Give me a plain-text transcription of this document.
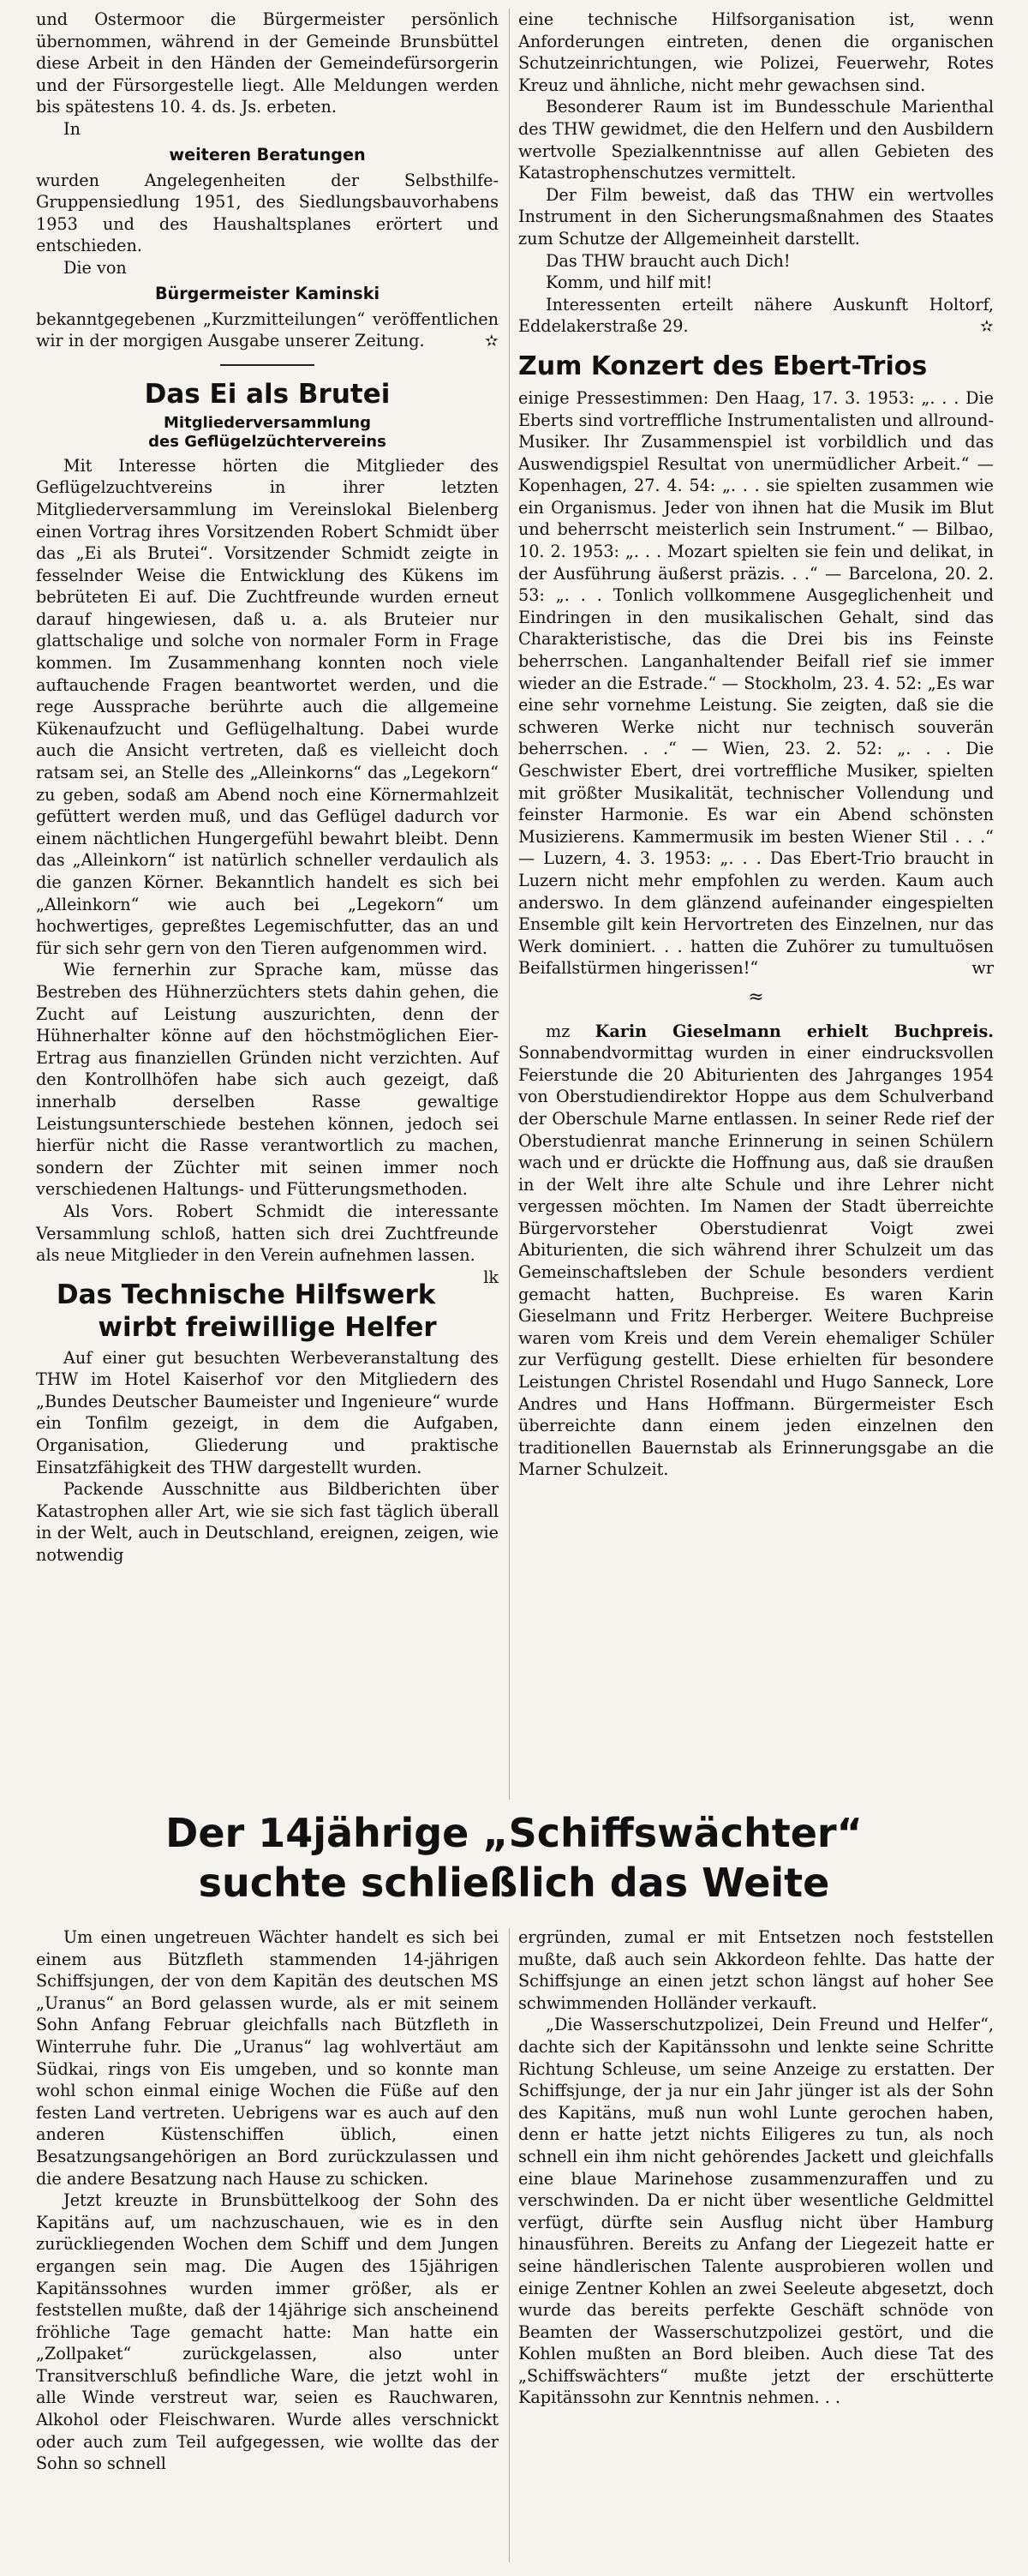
und Ostermoor die Bürgermeister persönlich übernommen, während in der Gemeinde Brunsbüttel diese Arbeit in den Händen der Gemeindefürsorgerin und der Fürsorgestelle liegt. Alle Meldungen werden bis spätestens 10. 4. ds. Js. erbeten.

In

weiteren Beratungen

wurden Angelegenheiten der Selbsthilfe-Gruppensiedlung 1951, des Siedlungsbauvorhabens 1953 und des Haushaltsplanes erörtert und entschieden.

Die von

Bürgermeister Kaminski

bekanntgegebenen „Kurzmitteilungen“ veröffentlichen wir in der morgigen Ausgabe unserer Zeitung.	✫

Das Ei als Brutei
Mitgliederversammlung
des Geflügelzüchtervereins

Mit Interesse hörten die Mitglieder des Geflügelzuchtvereins in ihrer letzten Mitgliederversammlung im Vereinslokal Bielenberg einen Vortrag ihres Vorsitzenden Robert Schmidt über das „Ei als Brutei“. Vorsitzender Schmidt zeigte in fesselnder Weise die Entwicklung des Kükens im bebrüteten Ei auf. Die Zuchtfreunde wurden erneut darauf hingewiesen, daß u. a. als Bruteier nur glattschalige und solche von normaler Form in Frage kommen. Im Zusammenhang konnten noch viele auftauchende Fragen beantwortet werden, und die rege Aussprache berührte auch die allgemeine Kükenaufzucht und Geflügelhaltung. Dabei wurde auch die Ansicht vertreten, daß es vielleicht doch ratsam sei, an Stelle des „Alleinkorns“ das „Legekorn“ zu geben, sodaß am Abend noch eine Körnermahlzeit gefüttert werden muß, und das Geflügel dadurch vor einem nächtlichen Hungergefühl bewahrt bleibt. Denn das „Alleinkorn“ ist natürlich schneller verdaulich als die ganzen Körner. Bekanntlich handelt es sich bei „Alleinkorn“ wie auch bei „Legekorn“ um hochwertiges, gepreßtes Legemischfutter, das an und für sich sehr gern von den Tieren aufgenommen wird.

Wie fernerhin zur Sprache kam, müsse das Bestreben des Hühnerzüchters stets dahin gehen, die Zucht auf Leistung auszurichten, denn der Hühnerhalter könne auf den höchstmöglichen Eier-Ertrag aus finanziellen Gründen nicht verzichten. Auf den Kontrollhöfen habe sich auch gezeigt, daß innerhalb derselben Rasse gewaltige Leistungsunterschiede bestehen können, jedoch sei hierfür nicht die Rasse verantwortlich zu machen, sondern der Züchter mit seinen immer noch verschiedenen Haltungs- und Fütterungsmethoden.

Als Vors. Robert Schmidt die interessante Versammlung schloß, hatten sich drei Zuchtfreunde als neue Mitglieder in den Verein aufnehmen lassen.
lk

Das Technische Hilfswerk wirbt freiwillige Helfer

Auf einer gut besuchten Werbeveranstaltung des THW im Hotel Kaiserhof vor den Mitgliedern des „Bundes Deutscher Baumeister und Ingenieure“ wurde ein Tonfilm gezeigt, in dem die Aufgaben, Organisation, Gliederung und praktische Einsatzfähigkeit des THW dargestellt wurden.

Packende Ausschnitte aus Bildberichten über Katastrophen aller Art, wie sie sich fast täglich überall in der Welt, auch in Deutschland, ereignen, zeigen, wie notwendig

eine technische Hilfsorganisation ist, wenn Anforderungen eintreten, denen die organischen Schutzeinrichtungen, wie Polizei, Feuerwehr, Rotes Kreuz und ähnliche, nicht mehr gewachsen sind.

Besonderer Raum ist im Bundesschule Marienthal des THW gewidmet, die den Helfern und den Ausbildern wertvolle Spezialkenntnisse auf allen Gebieten des Katastrophenschutzes vermittelt.

Der Film beweist, daß das THW ein wertvolles Instrument in den Sicherungsmaßnahmen des Staates zum Schutze der Allgemeinheit darstellt.

Das THW braucht auch Dich!

Komm, und hilf mit!

Interessenten erteilt nähere Auskunft Holtorf, Eddelakerstraße 29.	✫

Zum Konzert des Ebert-Trios

einige Pressestimmen: Den Haag, 17. 3. 1953: „. . . Die Eberts sind vortreffliche Instrumentalisten und allround-Musiker. Ihr Zusammenspiel ist vorbildlich und das Auswendigspiel Resultat von unermüdlicher Arbeit.“ — Kopenhagen, 27. 4. 54: „. . . sie spielten zusammen wie ein Organismus. Jeder von ihnen hat die Musik im Blut und beherrscht meisterlich sein Instrument.“ — Bilbao, 10. 2. 1953: „. . . Mozart spielten sie fein und delikat, in der Ausführung äußerst präzis. . .“ — Barcelona, 20. 2. 53: „. . . Tonlich vollkommene Ausgeglichenheit und Eindringen in den musikalischen Gehalt, sind das Charakteristische, das die Drei bis ins Feinste beherrschen. Langanhaltender Beifall rief sie immer wieder an die Estrade.“ — Stockholm, 23. 4. 52: „Es war eine sehr vornehme Leistung. Sie zeigten, daß sie die schweren Werke nicht nur technisch souverän beherrschen. . .“ — Wien, 23. 2. 52: „. . . Die Geschwister Ebert, drei vortreffliche Musiker, spielten mit größter Musikalität, technischer Vollendung und feinster Harmonie. Es war ein Abend schönsten Musizierens. Kammermusik im besten Wiener Stil . . .“ — Luzern, 4. 3. 1953: „. . . Das Ebert-Trio braucht in Luzern nicht mehr empfohlen zu werden. Kaum auch anderswo. In dem glänzend aufeinander eingespielten Ensemble gilt kein Hervortreten des Einzelnen, nur das Werk dominiert. . . hatten die Zuhörer zu tumultuösen Beifallstürmen hingerissen!“	wr

≈

mz Karin Gieselmann erhielt Buchpreis. Sonnabendvormittag wurden in einer eindrucksvollen Feierstunde die 20 Abiturienten des Jahrganges 1954 von Oberstudiendirektor Hoppe aus dem Schulverband der Oberschule Marne entlassen. In seiner Rede rief der Oberstudienrat manche Erinnerung in seinen Schülern wach und er drückte die Hoffnung aus, daß sie draußen in der Welt ihre alte Schule und ihre Lehrer nicht vergessen möchten. Im Namen der Stadt überreichte Bürgervorsteher Oberstudienrat Voigt zwei Abiturienten, die sich während ihrer Schulzeit um das Gemeinschaftsleben der Schule besonders verdient gemacht hatten, Buchpreise. Es waren Karin Gieselmann und Fritz Herberger. Weitere Buchpreise waren vom Kreis und dem Verein ehemaliger Schüler zur Verfügung gestellt. Diese erhielten für besondere Leistungen Christel Rosendahl und Hugo Sanneck, Lore Andres und Hans Hoffmann. Bürgermeister Esch überreichte dann einem jeden einzelnen den traditionellen Bauernstab als Erinnerungsgabe an die Marner Schulzeit.

Der 14jährige „Schiffswächter“
suchte schließlich das Weite

Um einen ungetreuen Wächter handelt es sich bei einem aus Bützfleth stammenden 14-jährigen Schiffsjungen, der von dem Kapitän des deutschen MS „Uranus“ an Bord gelassen wurde, als er mit seinem Sohn Anfang Februar gleichfalls nach Bützfleth in Winterruhe fuhr. Die „Uranus“ lag wohlvertäut am Südkai, rings von Eis umgeben, und so konnte man wohl schon einmal einige Wochen die Füße auf den festen Land vertreten. Uebrigens war es auch auf den anderen Küstenschiffen üblich, einen Besatzungsangehörigen an Bord zurückzulassen und die andere Besatzung nach Hause zu schicken.

Jetzt kreuzte in Brunsbüttelkoog der Sohn des Kapitäns auf, um nachzuschauen, wie es in den zurückliegenden Wochen dem Schiff und dem Jungen ergangen sein mag. Die Augen des 15jährigen Kapitänssohnes wurden immer größer, als er feststellen mußte, daß der 14jährige sich anscheinend fröhliche Tage gemacht hatte: Man hatte ein „Zollpaket“ zurückgelassen, also unter Transitverschluß befindliche Ware, die jetzt wohl in alle Winde verstreut war, seien es Rauchwaren, Alkohol oder Fleischwaren. Wurde alles verschnickt oder auch zum Teil aufgegessen, wie wollte das der Sohn so schnell

ergründen, zumal er mit Entsetzen noch feststellen mußte, daß auch sein Akkordeon fehlte. Das hatte der Schiffsjunge an einen jetzt schon längst auf hoher See schwimmenden Holländer verkauft.

„Die Wasserschutzpolizei, Dein Freund und Helfer“, dachte sich der Kapitänssohn und lenkte seine Schritte Richtung Schleuse, um seine Anzeige zu erstatten. Der Schiffsjunge, der ja nur ein Jahr jünger ist als der Sohn des Kapitäns, muß nun wohl Lunte gerochen haben, denn er hatte jetzt nichts Eiligeres zu tun, als noch schnell ein ihm nicht gehörendes Jackett und gleichfalls eine blaue Marinehose zusammenzuraffen und zu verschwinden. Da er nicht über wesentliche Geldmittel verfügt, dürfte sein Ausflug nicht über Hamburg hinausführen. Bereits zu Anfang der Liegezeit hatte er seine händlerischen Talente ausprobieren wollen und einige Zentner Kohlen an zwei Seeleute abgesetzt, doch wurde das bereits perfekte Geschäft schnöde von Beamten der Wasserschutzpolizei gestört, und die Kohlen mußten an Bord bleiben. Auch diese Tat des „Schiffswächters“ mußte jetzt der erschütterte Kapitänssohn zur Kenntnis nehmen. . .
